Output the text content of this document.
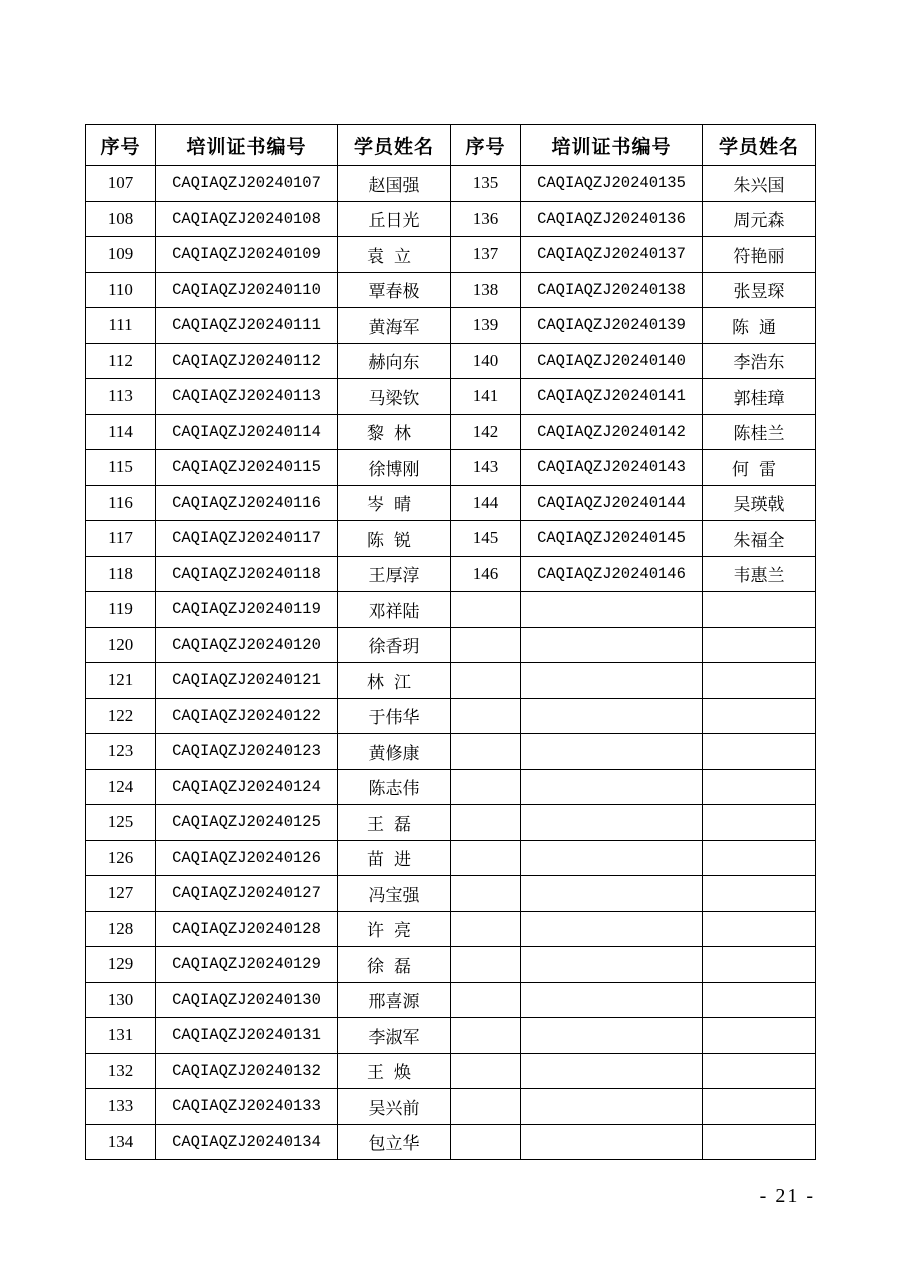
序号	培训证书编号	学员姓名	序号	培训证书编号	学员姓名
107	CAQIAQZJ20240107	赵国强	135	CAQIAQZJ20240135	朱兴国
108	CAQIAQZJ20240108	丘日光	136	CAQIAQZJ20240136	周元森
109	CAQIAQZJ20240109	袁立	137	CAQIAQZJ20240137	符艳丽
110	CAQIAQZJ20240110	覃春极	138	CAQIAQZJ20240138	张昱琛
111	CAQIAQZJ20240111	黄海军	139	CAQIAQZJ20240139	陈通
112	CAQIAQZJ20240112	赫向东	140	CAQIAQZJ20240140	李浩东
113	CAQIAQZJ20240113	马梁钦	141	CAQIAQZJ20240141	郭桂璋
114	CAQIAQZJ20240114	黎林	142	CAQIAQZJ20240142	陈桂兰
115	CAQIAQZJ20240115	徐博刚	143	CAQIAQZJ20240143	何雷
116	CAQIAQZJ20240116	岑晴	144	CAQIAQZJ20240144	吴瑛戟
117	CAQIAQZJ20240117	陈锐	145	CAQIAQZJ20240145	朱福全
118	CAQIAQZJ20240118	王厚淳	146	CAQIAQZJ20240146	韦惠兰
119	CAQIAQZJ20240119	邓祥陆			
120	CAQIAQZJ20240120	徐香玥			
121	CAQIAQZJ20240121	林江			
122	CAQIAQZJ20240122	于伟华			
123	CAQIAQZJ20240123	黄修康			
124	CAQIAQZJ20240124	陈志伟			
125	CAQIAQZJ20240125	王磊			
126	CAQIAQZJ20240126	苗进			
127	CAQIAQZJ20240127	冯宝强			
128	CAQIAQZJ20240128	许亮			
129	CAQIAQZJ20240129	徐磊			
130	CAQIAQZJ20240130	邢喜源			
131	CAQIAQZJ20240131	李淑军			
132	CAQIAQZJ20240132	王焕			
133	CAQIAQZJ20240133	吴兴前			
134	CAQIAQZJ20240134	包立华			
- 21 -
